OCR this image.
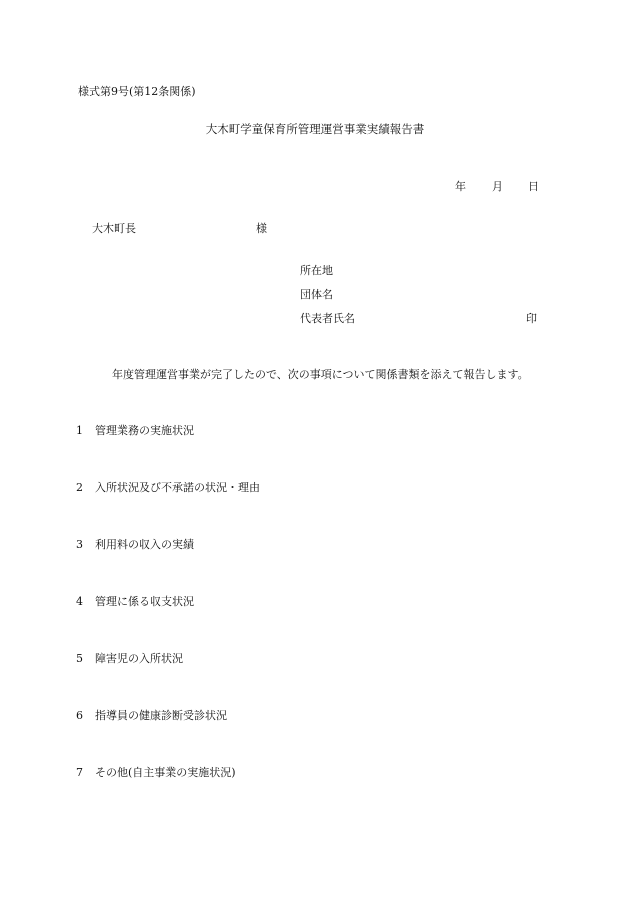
様式第9号(第12条関係)
大木町学童保育所管理運営事業実績報告書
年 月 日
大木町長	様
所在地
団体名
代表者氏名	印
年度管理運営事業が完了したので、次の事項について関係書類を添えて報告します。
1 管理業務の実施状況
2 入所状況及び不承諾の状況・理由
3 利用料の収入の実績
4 管理に係る収支状況
5 障害児の入所状況
6 指導員の健康診断受診状況
7 その他(自主事業の実施状況)
